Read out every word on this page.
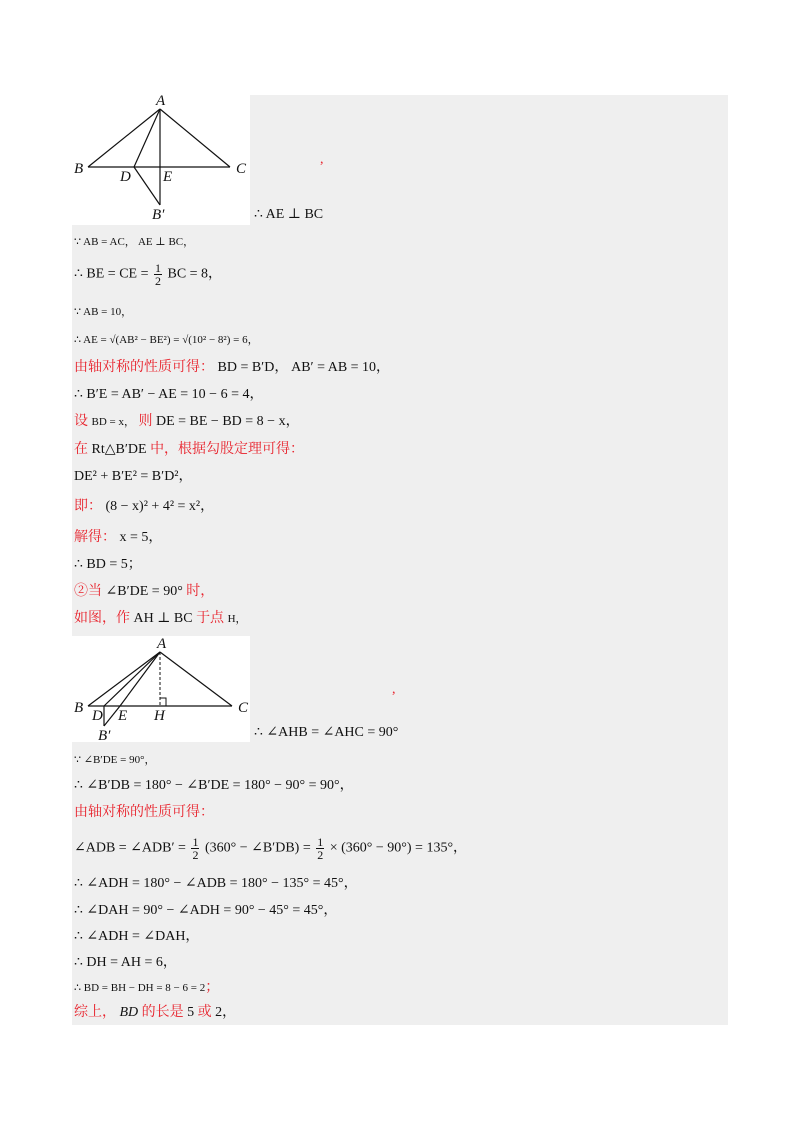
A
B	C
D E
B′	∴ AE ⊥ BC
,
∵ AB = AC， AE ⊥ BC，
∴ BE = CE = $\frac{1}{2}$ BC = 8，
∵ AB = 10，
∴ AE = √(AB² − BE²) = √(10² − 8²) = 6，
由轴对称的性质可得： BD = B′D， AB′ = AB = 10，
∴ B′E = AB′ − AE = 10 − 6 = 4，
设 BD = x， 则 DE = BE − BD = 8 − x，
在 Rt△B′DE 中，根据勾股定理可得：
DE² + B′E² = B′D²，
即： (8 − x)² + 4² = x²，
解得： x = 5，
∴ BD = 5；
②当 ∠B′DE = 90° 时，
如图，作 AH ⊥ BC 于点 H，
A
B	C
D E H
B′	∴ ∠AHB = ∠AHC = 90°
,
∵ ∠B′DE = 90°，
∴ ∠B′DB = 180° − ∠B′DE = 180° − 90° = 90°，
由轴对称的性质可得：
∠ADB = ∠ADB′ = $\frac{1}{2} (360^\circ$ − ∠B′DB) = $\frac{1}{2} \times (360^\circ - 90^\circ) = 135^\circ$，
∴ ∠ADH = 180° − ∠ADB = 180° − 135° = 45°，
∴ ∠DAH = 90° − ∠ADH = 90° − 45° = 45°，
∴ ∠ADH = ∠DAH，
∴ DH = AH = 6，
∴ BD = BH − DH = 8 − 6 = 2；
综上， BD 的长是 5 或 2，
